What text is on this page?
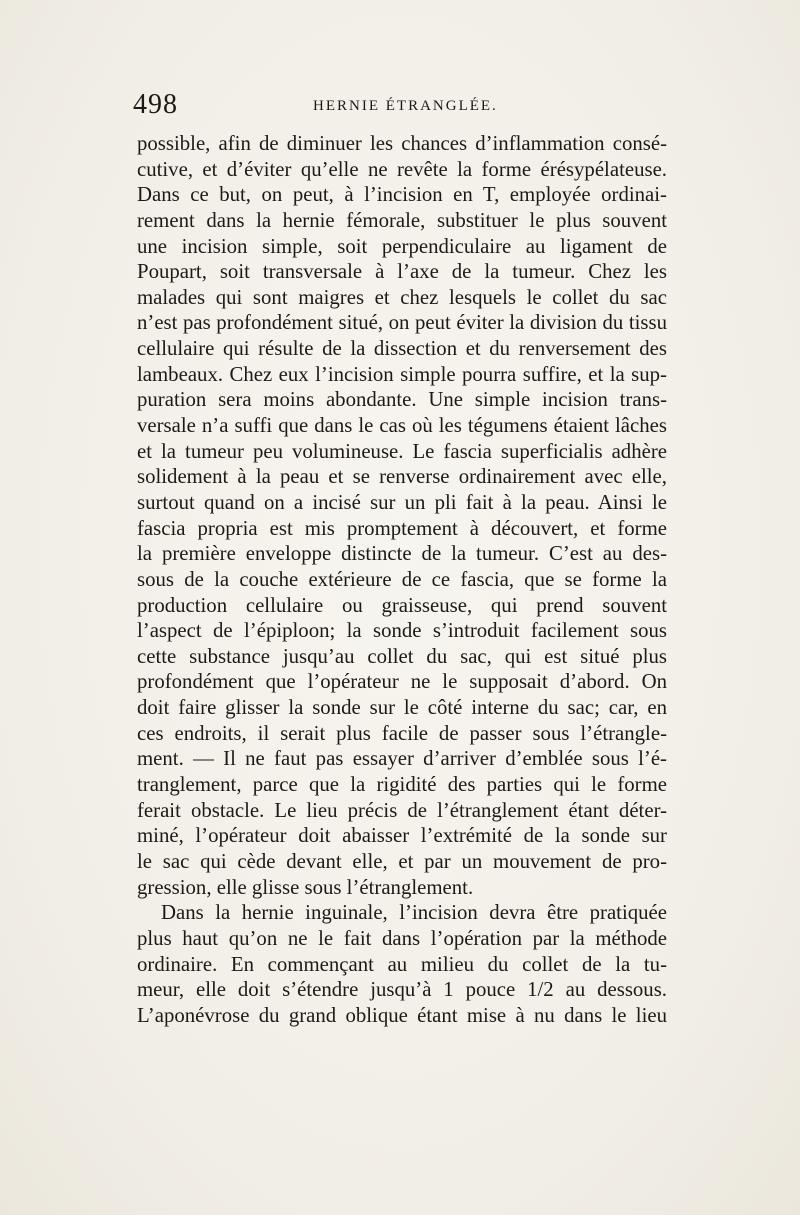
498	HERNIE ÉTRANGLÉE.
possible, afin de diminuer les chances d’inflammation consé-
cutive, et d’éviter qu’elle ne revête la forme érésypélateuse.
Dans ce but, on peut, à l’incision en T, employée ordinai-
rement dans la hernie fémorale, substituer le plus souvent
une incision simple, soit perpendiculaire au ligament de
Poupart, soit transversale à l’axe de la tumeur. Chez les
malades qui sont maigres et chez lesquels le collet du sac
n’est pas profondément situé, on peut éviter la division du tissu
cellulaire qui résulte de la dissection et du renversement des
lambeaux. Chez eux l’incision simple pourra suffire, et la sup-
puration sera moins abondante. Une simple incision trans-
versale n’a suffi que dans le cas où les tégumens étaient lâches
et la tumeur peu volumineuse. Le fascia superficialis adhère
solidement à la peau et se renverse ordinairement avec elle,
surtout quand on a incisé sur un pli fait à la peau. Ainsi le
fascia propria est mis promptement à découvert, et forme
la première enveloppe distincte de la tumeur. C’est au des-
sous de la couche extérieure de ce fascia, que se forme la
production cellulaire ou graisseuse, qui prend souvent
l’aspect de l’épiploon; la sonde s’introduit facilement sous
cette substance jusqu’au collet du sac, qui est situé plus
profondément que l’opérateur ne le supposait d’abord. On
doit faire glisser la sonde sur le côté interne du sac; car, en
ces endroits, il serait plus facile de passer sous l’étrangle-
ment. — Il ne faut pas essayer d’arriver d’emblée sous l’é-
tranglement, parce que la rigidité des parties qui le forme
ferait obstacle. Le lieu précis de l’étranglement étant déter-
miné, l’opérateur doit abaisser l’extrémité de la sonde sur
le sac qui cède devant elle, et par un mouvement de pro-
gression, elle glisse sous l’étranglement.
Dans la hernie inguinale, l’incision devra être pratiquée
plus haut qu’on ne le fait dans l’opération par la méthode
ordinaire. En commençant au milieu du collet de la tu-
meur, elle doit s’étendre jusqu’à 1 pouce 1/2 au dessous.
L’aponévrose du grand oblique étant mise à nu dans le lieu
